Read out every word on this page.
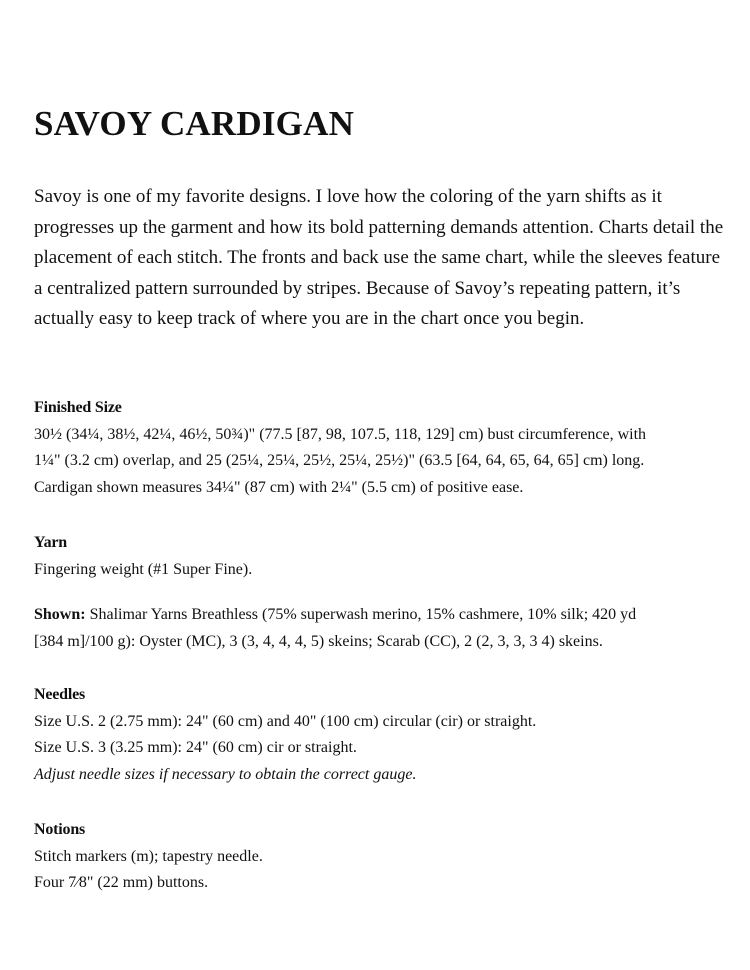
SAVOY CARDIGAN

Savoy is one of my favorite designs. I love how the coloring of the yarn shifts as it progresses up the garment and how its bold patterning demands attention. Charts detail the placement of each stitch. The fronts and back use the same chart, while the sleeves feature a centralized pattern surrounded by stripes. Because of Savoy’s repeating pattern, it’s actually easy to keep track of where you are in the chart once you begin.

Finished Size

30½ (34¼, 38½, 42¼, 46½, 50¾)" (77.5 [87, 98, 107.5, 118, 129] cm) bust circumference, with

1¼" (3.2 cm) overlap, and 25 (25¼, 25¼, 25½, 25¼, 25½)" (63.5 [64, 64, 65, 64, 65] cm) long.

Cardigan shown measures 34¼" (87 cm) with 2¼" (5.5 cm) of positive ease.

Yarn

Fingering weight (#1 Super Fine).

Shown: Shalimar Yarns Breathless (75% superwash merino, 15% cashmere, 10% silk; 420 yd

[384 m]/100 g): Oyster (MC), 3 (3, 4, 4, 4, 5) skeins; Scarab (CC), 2 (2, 3, 3, 3 4) skeins.

Needles

Size U.S. 2 (2.75 mm): 24" (60 cm) and 40" (100 cm) circular (cir) or straight.

Size U.S. 3 (3.25 mm): 24" (60 cm) cir or straight.

Adjust needle sizes if necessary to obtain the correct gauge.

Notions

Stitch markers (m); tapestry needle.

Four 7⁄8" (22 mm) buttons.
